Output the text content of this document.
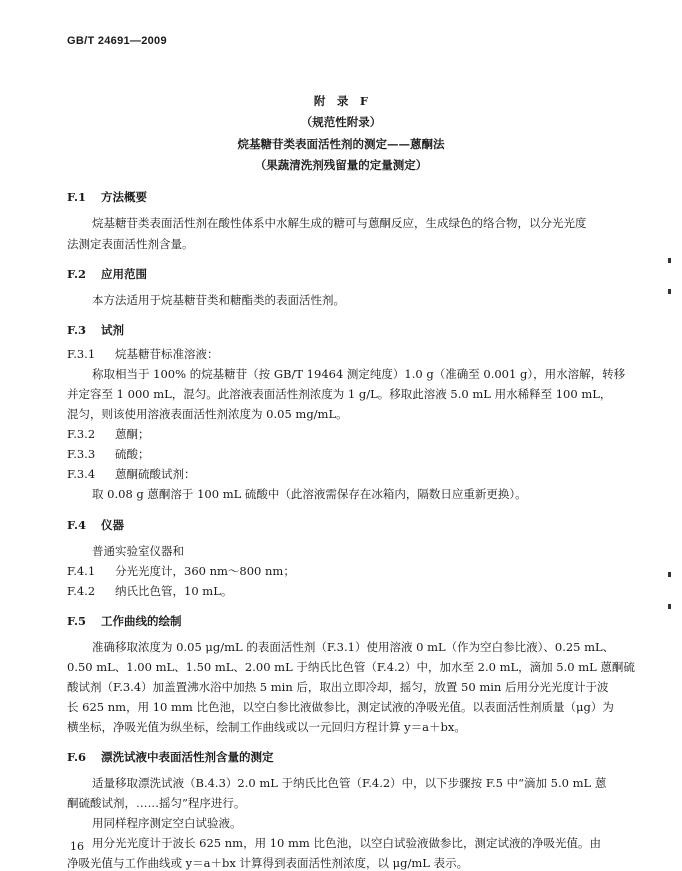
GB/T 24691—2009
附　录　F
（规范性附录）
烷基糖苷类表面活性剂的测定——蒽酮法
（果蔬清洗剂残留量的定量测定）
F.1 方法概要
烷基糖苷类表面活性剂在酸性体系中水解生成的糖可与蒽酮反应，生成绿色的络合物，以分光光度
法测定表面活性剂含量。
F.2 应用范围
本方法适用于烷基糖苷类和糖酯类的表面活性剂。
F.3 试剂
F.3.1 烷基糖苷标准溶液：
称取相当于 100% 的烷基糖苷（按 GB/T 19464 测定纯度）1.0 g（准确至 0.001 g），用水溶解，转移
并定容至 1 000 mL，混匀。此溶液表面活性剂浓度为 1 g/L。移取此溶液 5.0 mL 用水稀释至 100 mL，
混匀，则该使用溶液表面活性剂浓度为 0.05 mg/mL。
F.3.2 蒽酮；
F.3.3 硫酸；
F.3.4 蒽酮硫酸试剂：
取 0.08 g 蒽酮溶于 100 mL 硫酸中（此溶液需保存在冰箱内，隔数日应重新更换）。
F.4 仪器
普通实验室仪器和
F.4.1 分光光度计，360 nm～800 nm；
F.4.2 纳氏比色管，10 mL。
F.5 工作曲线的绘制
准确移取浓度为 0.05 μg/mL 的表面活性剂（F.3.1）使用溶液 0 mL（作为空白参比液）、0.25 mL、
0.50 mL、1.00 mL、1.50 mL、2.00 mL 于纳氏比色管（F.4.2）中，加水至 2.0 mL，滴加 5.0 mL 蒽酮硫
酸试剂（F.3.4）加盖置沸水浴中加热 5 min 后，取出立即冷却，摇匀，放置 50 min 后用分光光度计于波
长 625 nm，用 10 mm 比色池，以空白参比液做参比，测定试液的净吸光值。以表面活性剂质量（μg）为
横坐标，净吸光值为纵坐标，绘制工作曲线或以一元回归方程计算 y＝a＋bx。
F.6 漂洗试液中表面活性剂含量的测定
适量移取漂洗试液（B.4.3）2.0 mL 于纳氏比色管（F.4.2）中，以下步骤按 F.5 中“滴加 5.0 mL 蒽
酮硫酸试剂，……摇匀”程序进行。
用同样程序测定空白试验液。
用分光光度计于波长 625 nm，用 10 mm 比色池，以空白试验液做参比，测定试液的净吸光值。由
净吸光值与工作曲线或 y＝a＋bx 计算得到表面活性剂浓度，以 μg/mL 表示。
16
